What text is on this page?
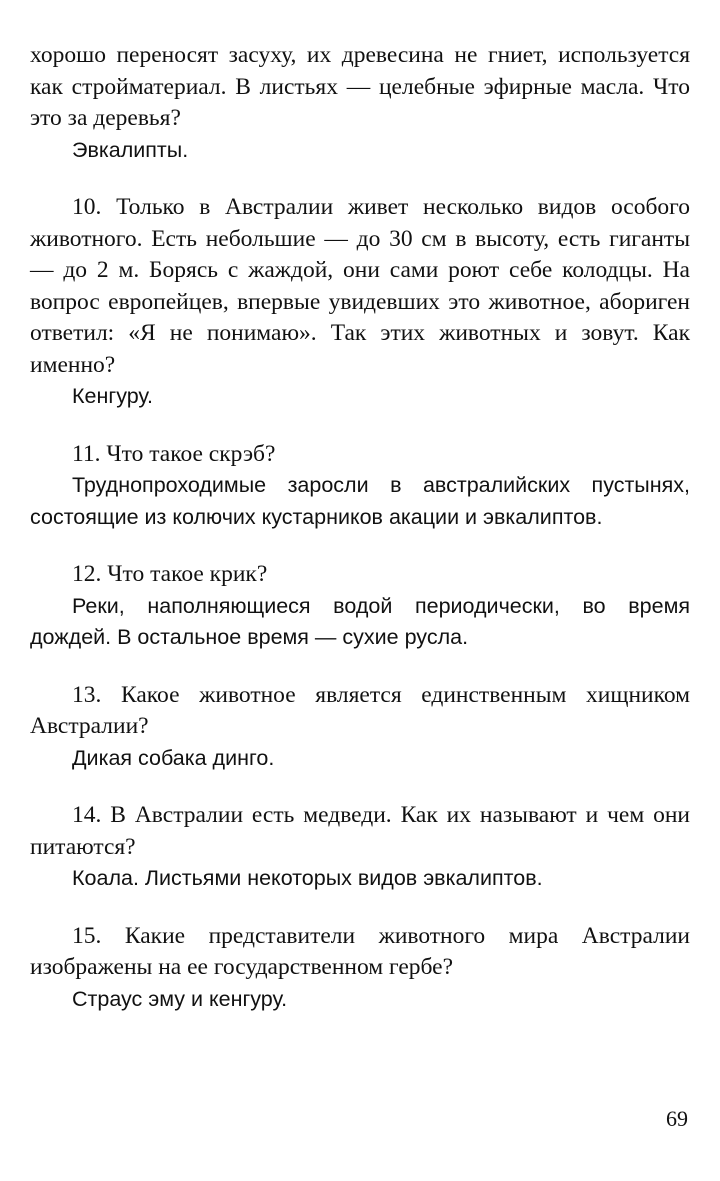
хорошо переносят засуху, их древесина не гниет, используется как стройматериал. В листьях — целебные эфирные масла. Что это за деревья?

Эвкалипты.

10. Только в Австралии живет несколько видов особого животного. Есть небольшие — до 30 см в высоту, есть гиганты — до 2 м. Борясь с жаждой, они сами роют себе колодцы. На вопрос европейцев, впервые увидевших это животное, абориген ответил: «Я не понимаю». Так этих животных и зовут. Как именно?

Кенгуру.

11. Что такое скрэб?

Труднопроходимые заросли в австралийских пустынях, состоящие из колючих кустарников акации и эвкалиптов.

12. Что такое крик?

Реки, наполняющиеся водой периодически, во время дождей. В остальное время — сухие русла.

13. Какое животное является единственным хищником Австралии?

Дикая собака динго.

14. В Австралии есть медведи. Как их называют и чем они питаются?

Коала. Листьями некоторых видов эвкалиптов.

15. Какие представители животного мира Австралии изображены на ее государственном гербе?

Страус эму и кенгуру.

69
